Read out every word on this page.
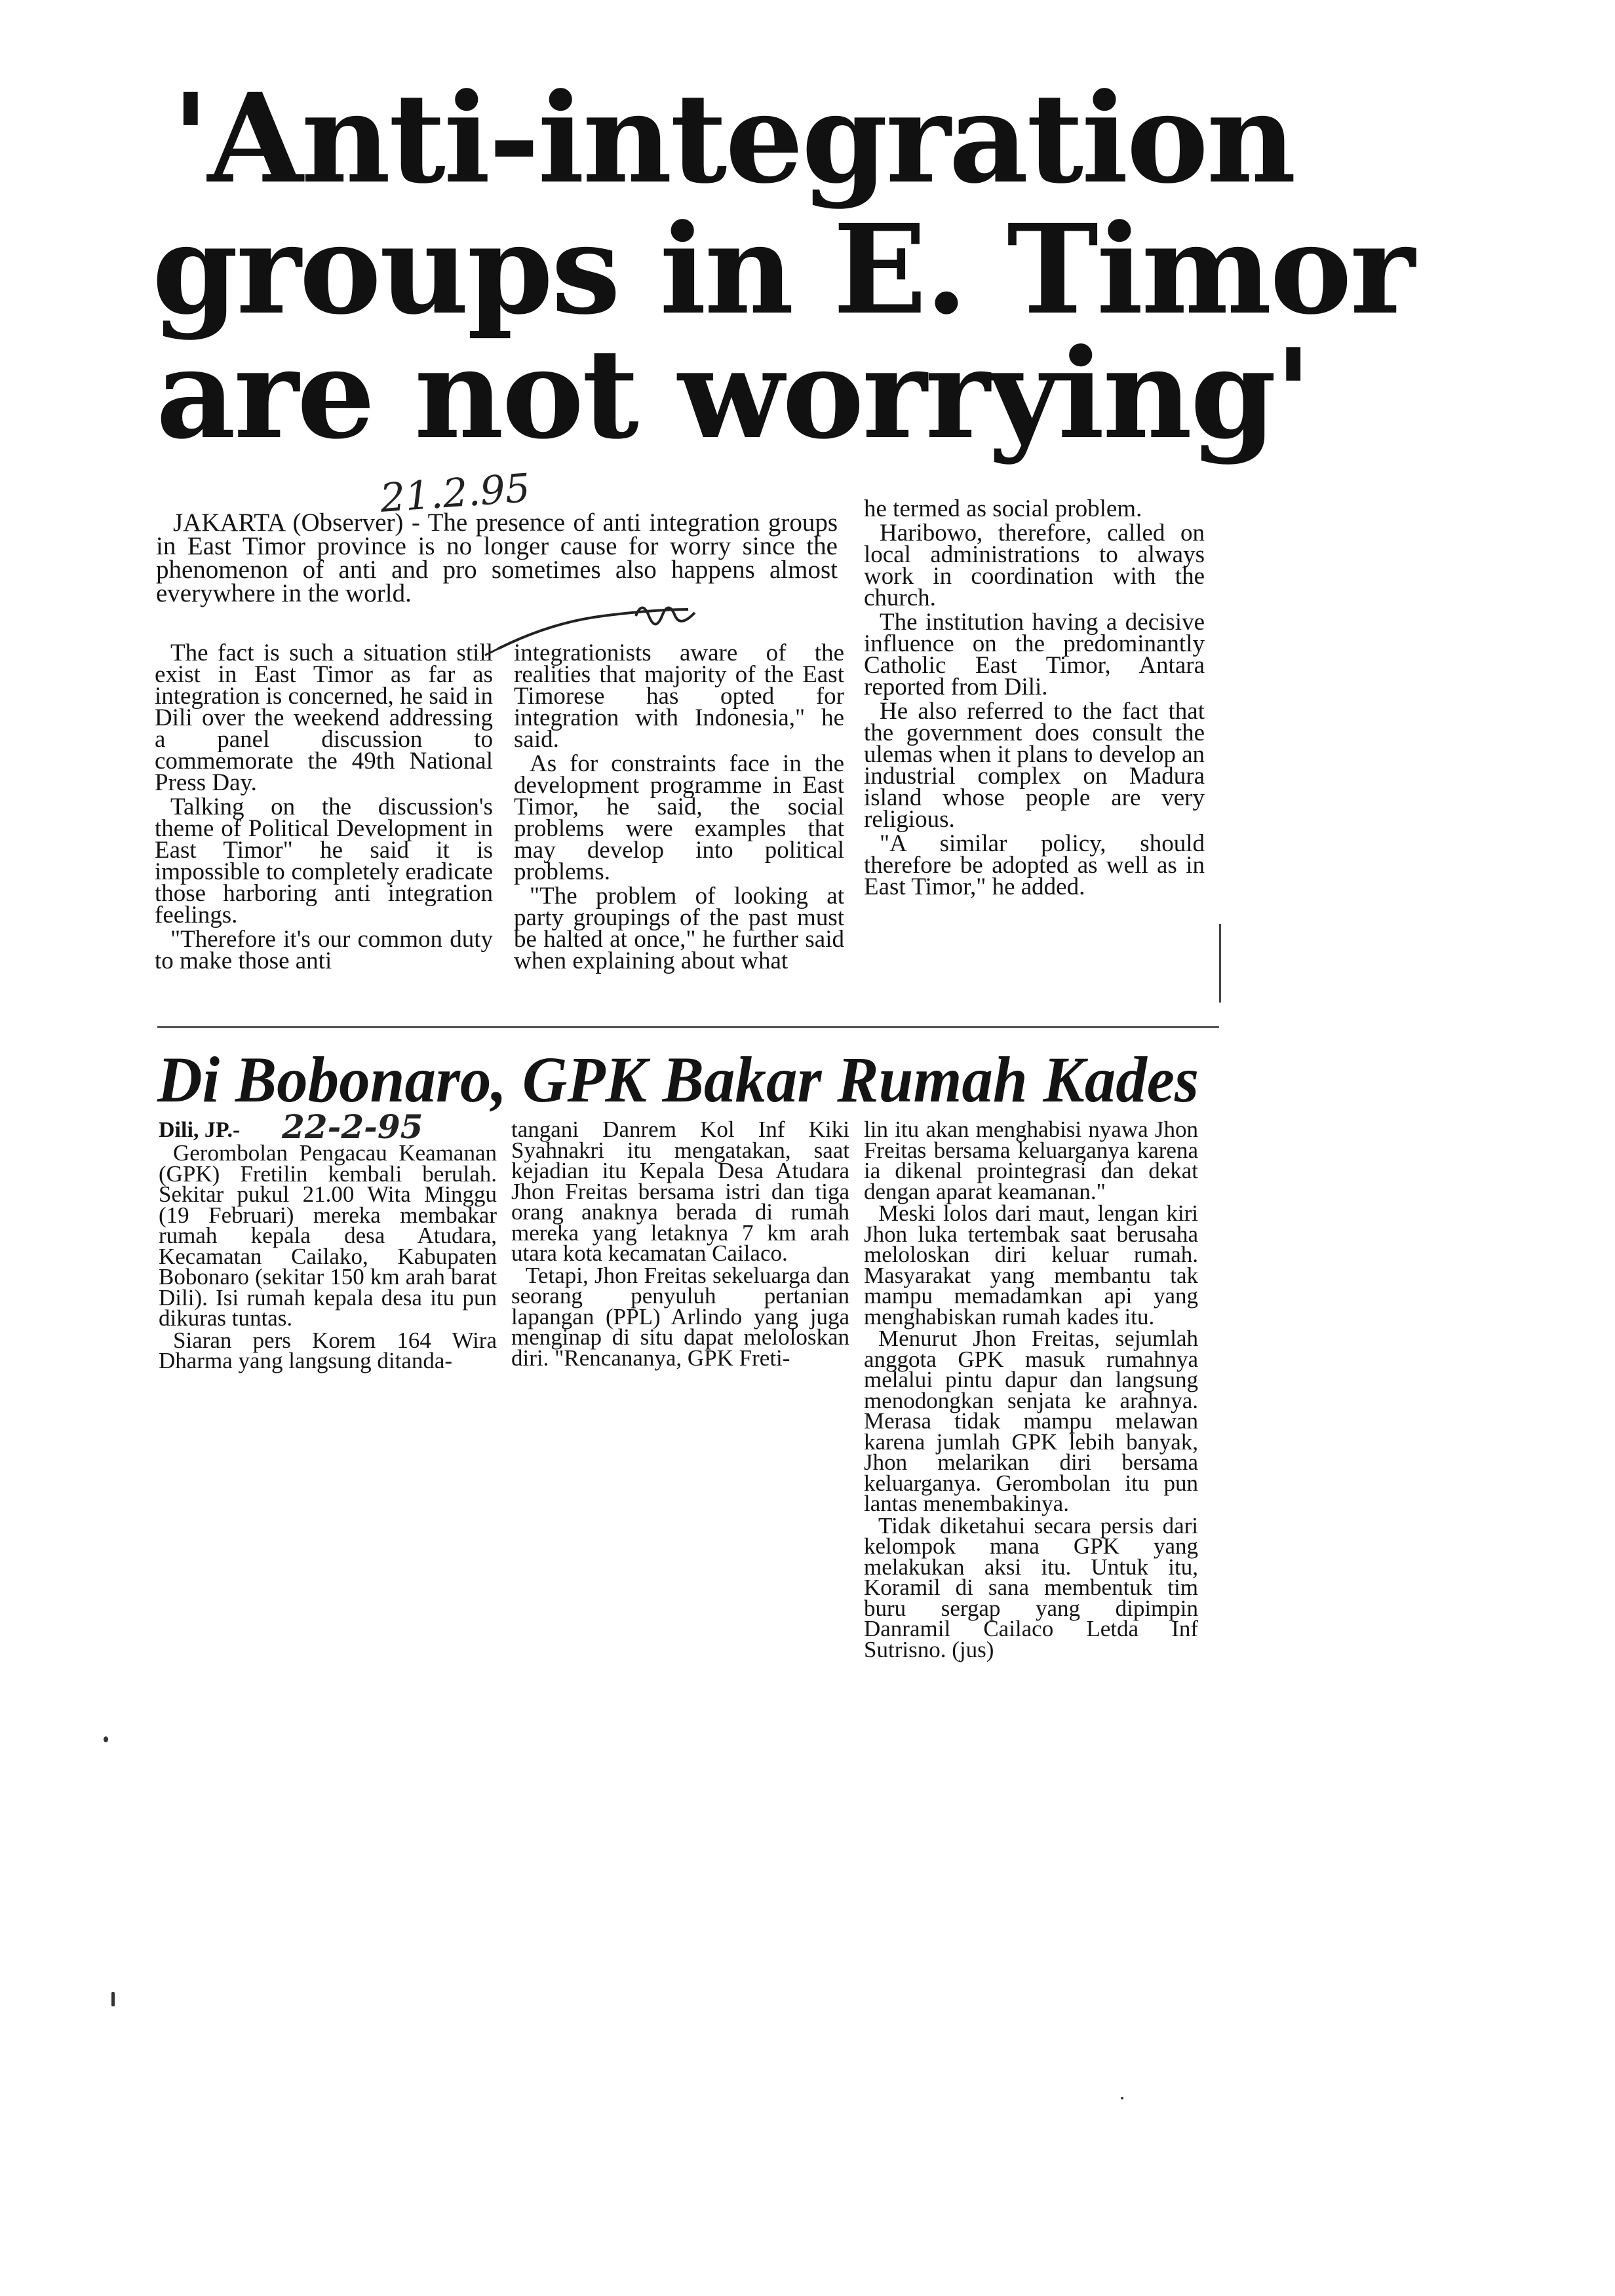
'Anti-integration
groups in E. Timor
are not worrying'
21.2.95
JAKARTA (Observer) - The presence of anti integration groups in East Timor province is no longer cause for worry since the phenomenon of anti and pro sometimes also happens almost everywhere in the world.

The fact is such a situation still exist in East Timor as far as integration is concerned, he said in Dili over the weekend addressing a panel discussion to commemorate the 49th National Press Day.

Talking on the discussion's theme of Political Development in East Timor" he said it is impossible to completely eradicate those harboring anti integration feelings.

"Therefore it's our common duty to make those anti

integrationists aware of the realities that majority of the East Timorese has opted for integration with Indonesia," he said.

As for constraints face in the development programme in East Timor, he said, the social problems were examples that may develop into political problems.

"The problem of looking at party groupings of the past must be halted at once," he further said when explaining about what

he termed as social problem.

Haribowo, therefore, called on local administrations to always work in coordination with the church.

The institution having a decisive influence on the predominantly Catholic East Timor, Antara reported from Dili.

He also referred to the fact that the government does consult the ulemas when it plans to develop an industrial complex on Madura island whose people are very religious.

"A similar policy, should therefore be adopted as well as in East Timor," he added.

Di Bobonaro, GPK Bakar Rumah Kades
Dili, JP.- 22-2-95

Gerombolan Pengacau Keamanan (GPK) Fretilin kembali berulah. Sekitar pukul 21.00 Wita Minggu (19 Februari) mereka membakar rumah kepala desa Atudara, Kecamatan Cailako, Kabupaten Bobonaro (sekitar 150 km arah barat Dili). Isi rumah kepala desa itu pun dikuras tuntas.

Siaran pers Korem 164 Wira Dharma yang langsung ditanda-

tangani Danrem Kol Inf Kiki Syahnakri itu mengatakan, saat kejadian itu Kepala Desa Atudara Jhon Freitas bersama istri dan tiga orang anaknya berada di rumah mereka yang letaknya 7 km arah utara kota kecamatan Cailaco.

Tetapi, Jhon Freitas sekeluarga dan seorang penyuluh pertanian lapangan (PPL) Arlindo yang juga menginap di situ dapat meloloskan diri. "Rencananya, GPK Freti-

lin itu akan menghabisi nyawa Jhon Freitas bersama keluarganya karena ia dikenal prointegrasi dan dekat dengan aparat keamanan."

Meski lolos dari maut, lengan kiri Jhon luka tertembak saat berusaha meloloskan diri keluar rumah. Masyarakat yang membantu tak mampu memadamkan api yang menghabiskan rumah kades itu.

Menurut Jhon Freitas, sejumlah anggota GPK masuk rumahnya melalui pintu dapur dan langsung menodongkan senjata ke arahnya. Merasa tidak mampu melawan karena jumlah GPK lebih banyak, Jhon melarikan diri bersama keluarganya. Gerombolan itu pun lantas menembakinya.

Tidak diketahui secara persis dari kelompok mana GPK yang melakukan aksi itu. Untuk itu, Koramil di sana membentuk tim buru sergap yang dipimpin Danramil Cailaco Letda Inf Sutrisno. (jus)
